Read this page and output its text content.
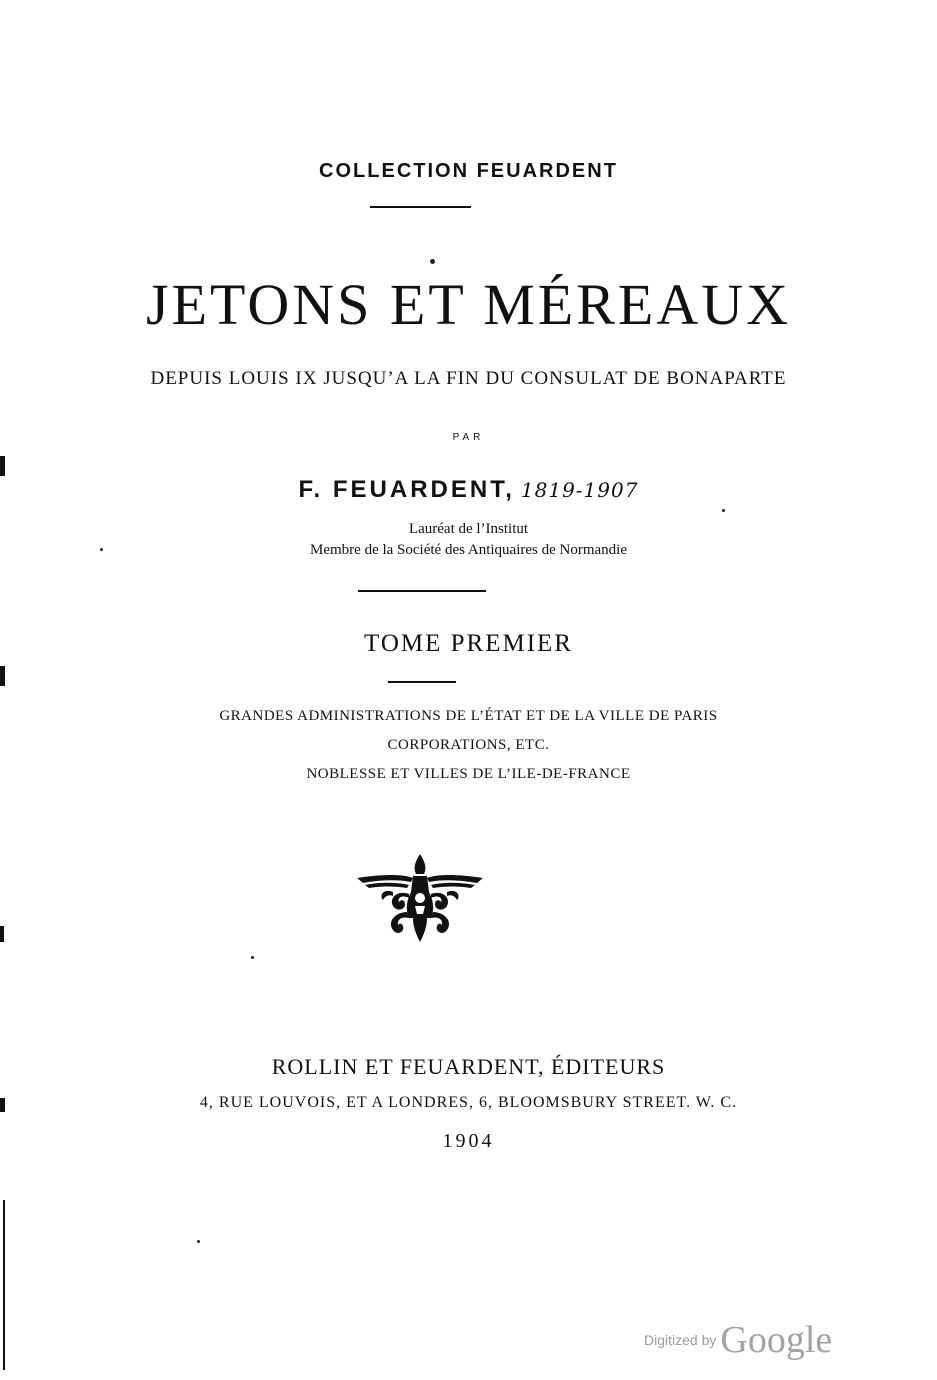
COLLECTION FEUARDENT
JETONS ET MÉREAUX
DEPUIS LOUIS IX JUSQU’A LA FIN DU CONSULAT DE BONAPARTE
PAR
F. FEUARDENT, 1819-1907
Lauréat de l’Institut
Membre de la Société des Antiquaires de Normandie
TOME PREMIER
GRANDES ADMINISTRATIONS DE L’ÉTAT ET DE LA VILLE DE PARIS
CORPORATIONS, ETC.
NOBLESSE ET VILLES DE L’ILE-DE-FRANCE
ROLLIN ET FEUARDENT, ÉDITEURS
4, RUE LOUVOIS, ET A LONDRES, 6, BLOOMSBURY STREET. W. C.
1904
Digitized by Google
